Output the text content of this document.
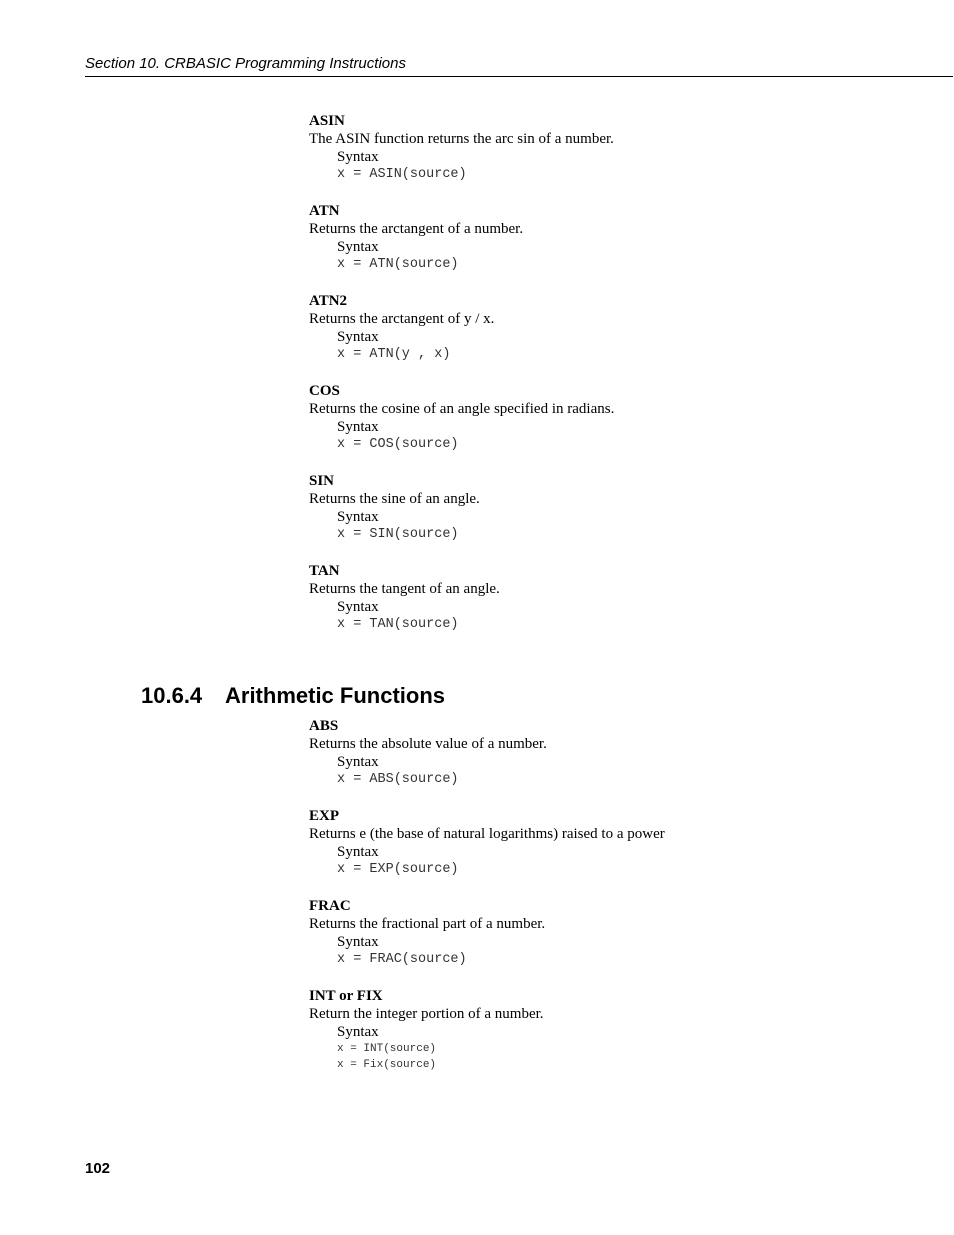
Section 10. CRBASIC Programming Instructions
ASIN
The ASIN function returns the arc sin of a number.
Syntax
x = ASIN(source)
ATN
Returns the arctangent of a number.
Syntax
x = ATN(source)
ATN2
Returns the arctangent of y / x.
Syntax
x = ATN(y , x)
COS
Returns the cosine of an angle specified in radians.
Syntax
x = COS(source)
SIN
Returns the sine of an angle.
Syntax
x = SIN(source)
TAN
Returns the tangent of an angle.
Syntax
x = TAN(source)
10.6.4 Arithmetic Functions
ABS
Returns the absolute value of a number.
Syntax
x = ABS(source)
EXP
Returns e (the base of natural logarithms) raised to a power
Syntax
x = EXP(source)
FRAC
Returns the fractional part of a number.
Syntax
x = FRAC(source)
INT or FIX
Return the integer portion of a number.
Syntax
x = INT(source)
x = Fix(source)
102
